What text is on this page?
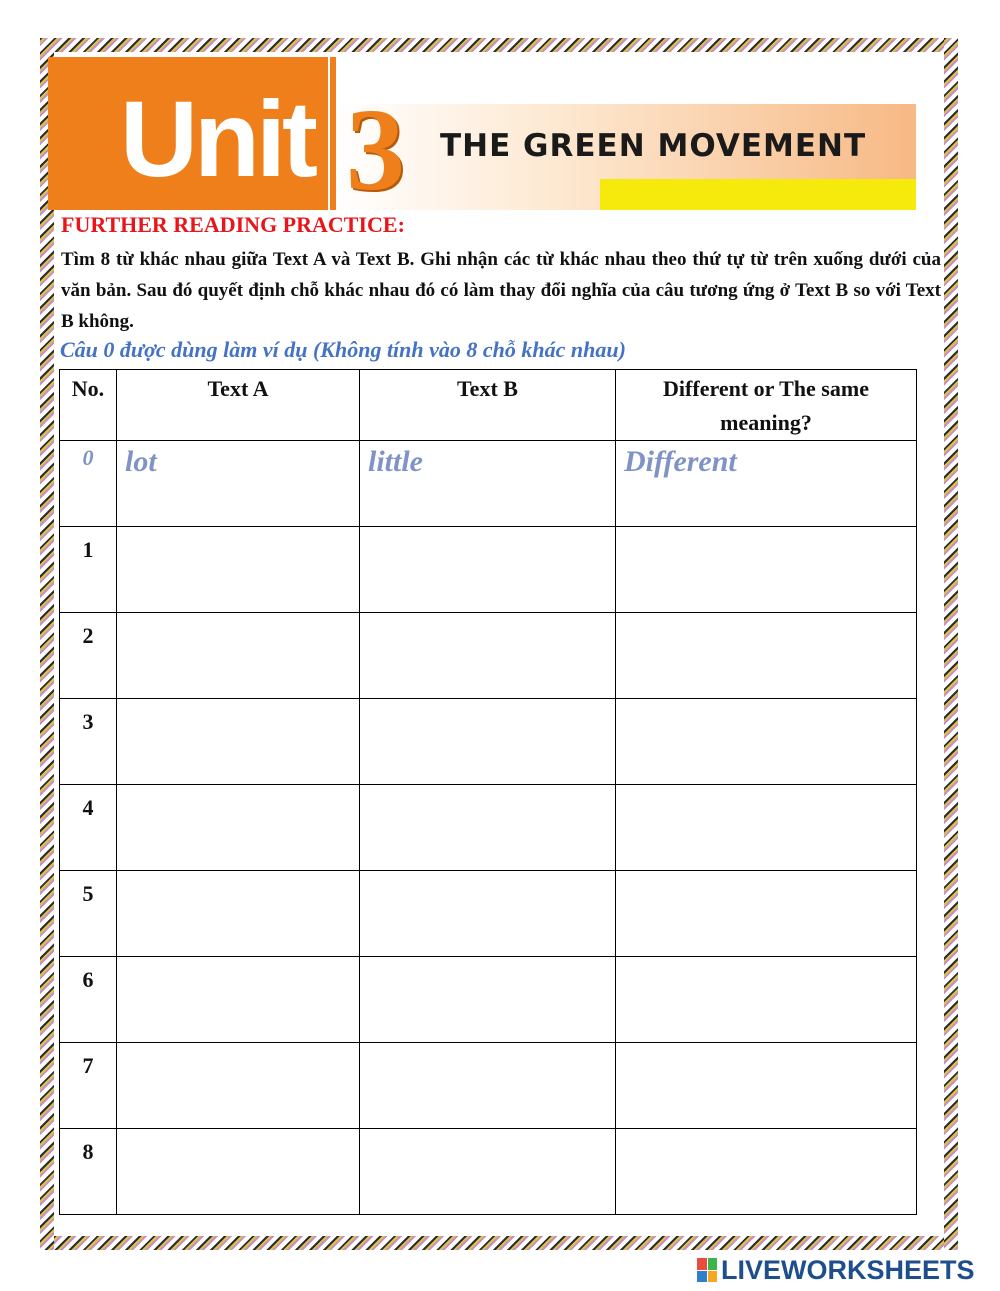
Unit 3 THE GREEN MOVEMENT
FURTHER READING PRACTICE:
Tìm 8 từ khác nhau giữa Text A và Text B. Ghi nhận các từ khác nhau theo thứ tự từ trên xuống dưới của văn bản. Sau đó quyết định chỗ khác nhau đó có làm thay đổi nghĩa của câu tương ứng ở Text B so với Text B không.
Câu 0 được dùng làm ví dụ (Không tính vào 8 chỗ khác nhau)
No.	Text A	Text B	Different or The same meaning?
0	lot	little	Different
1			
2			
3			
4			
5			
6			
7			
8			
LIVEWORKSHEETS
